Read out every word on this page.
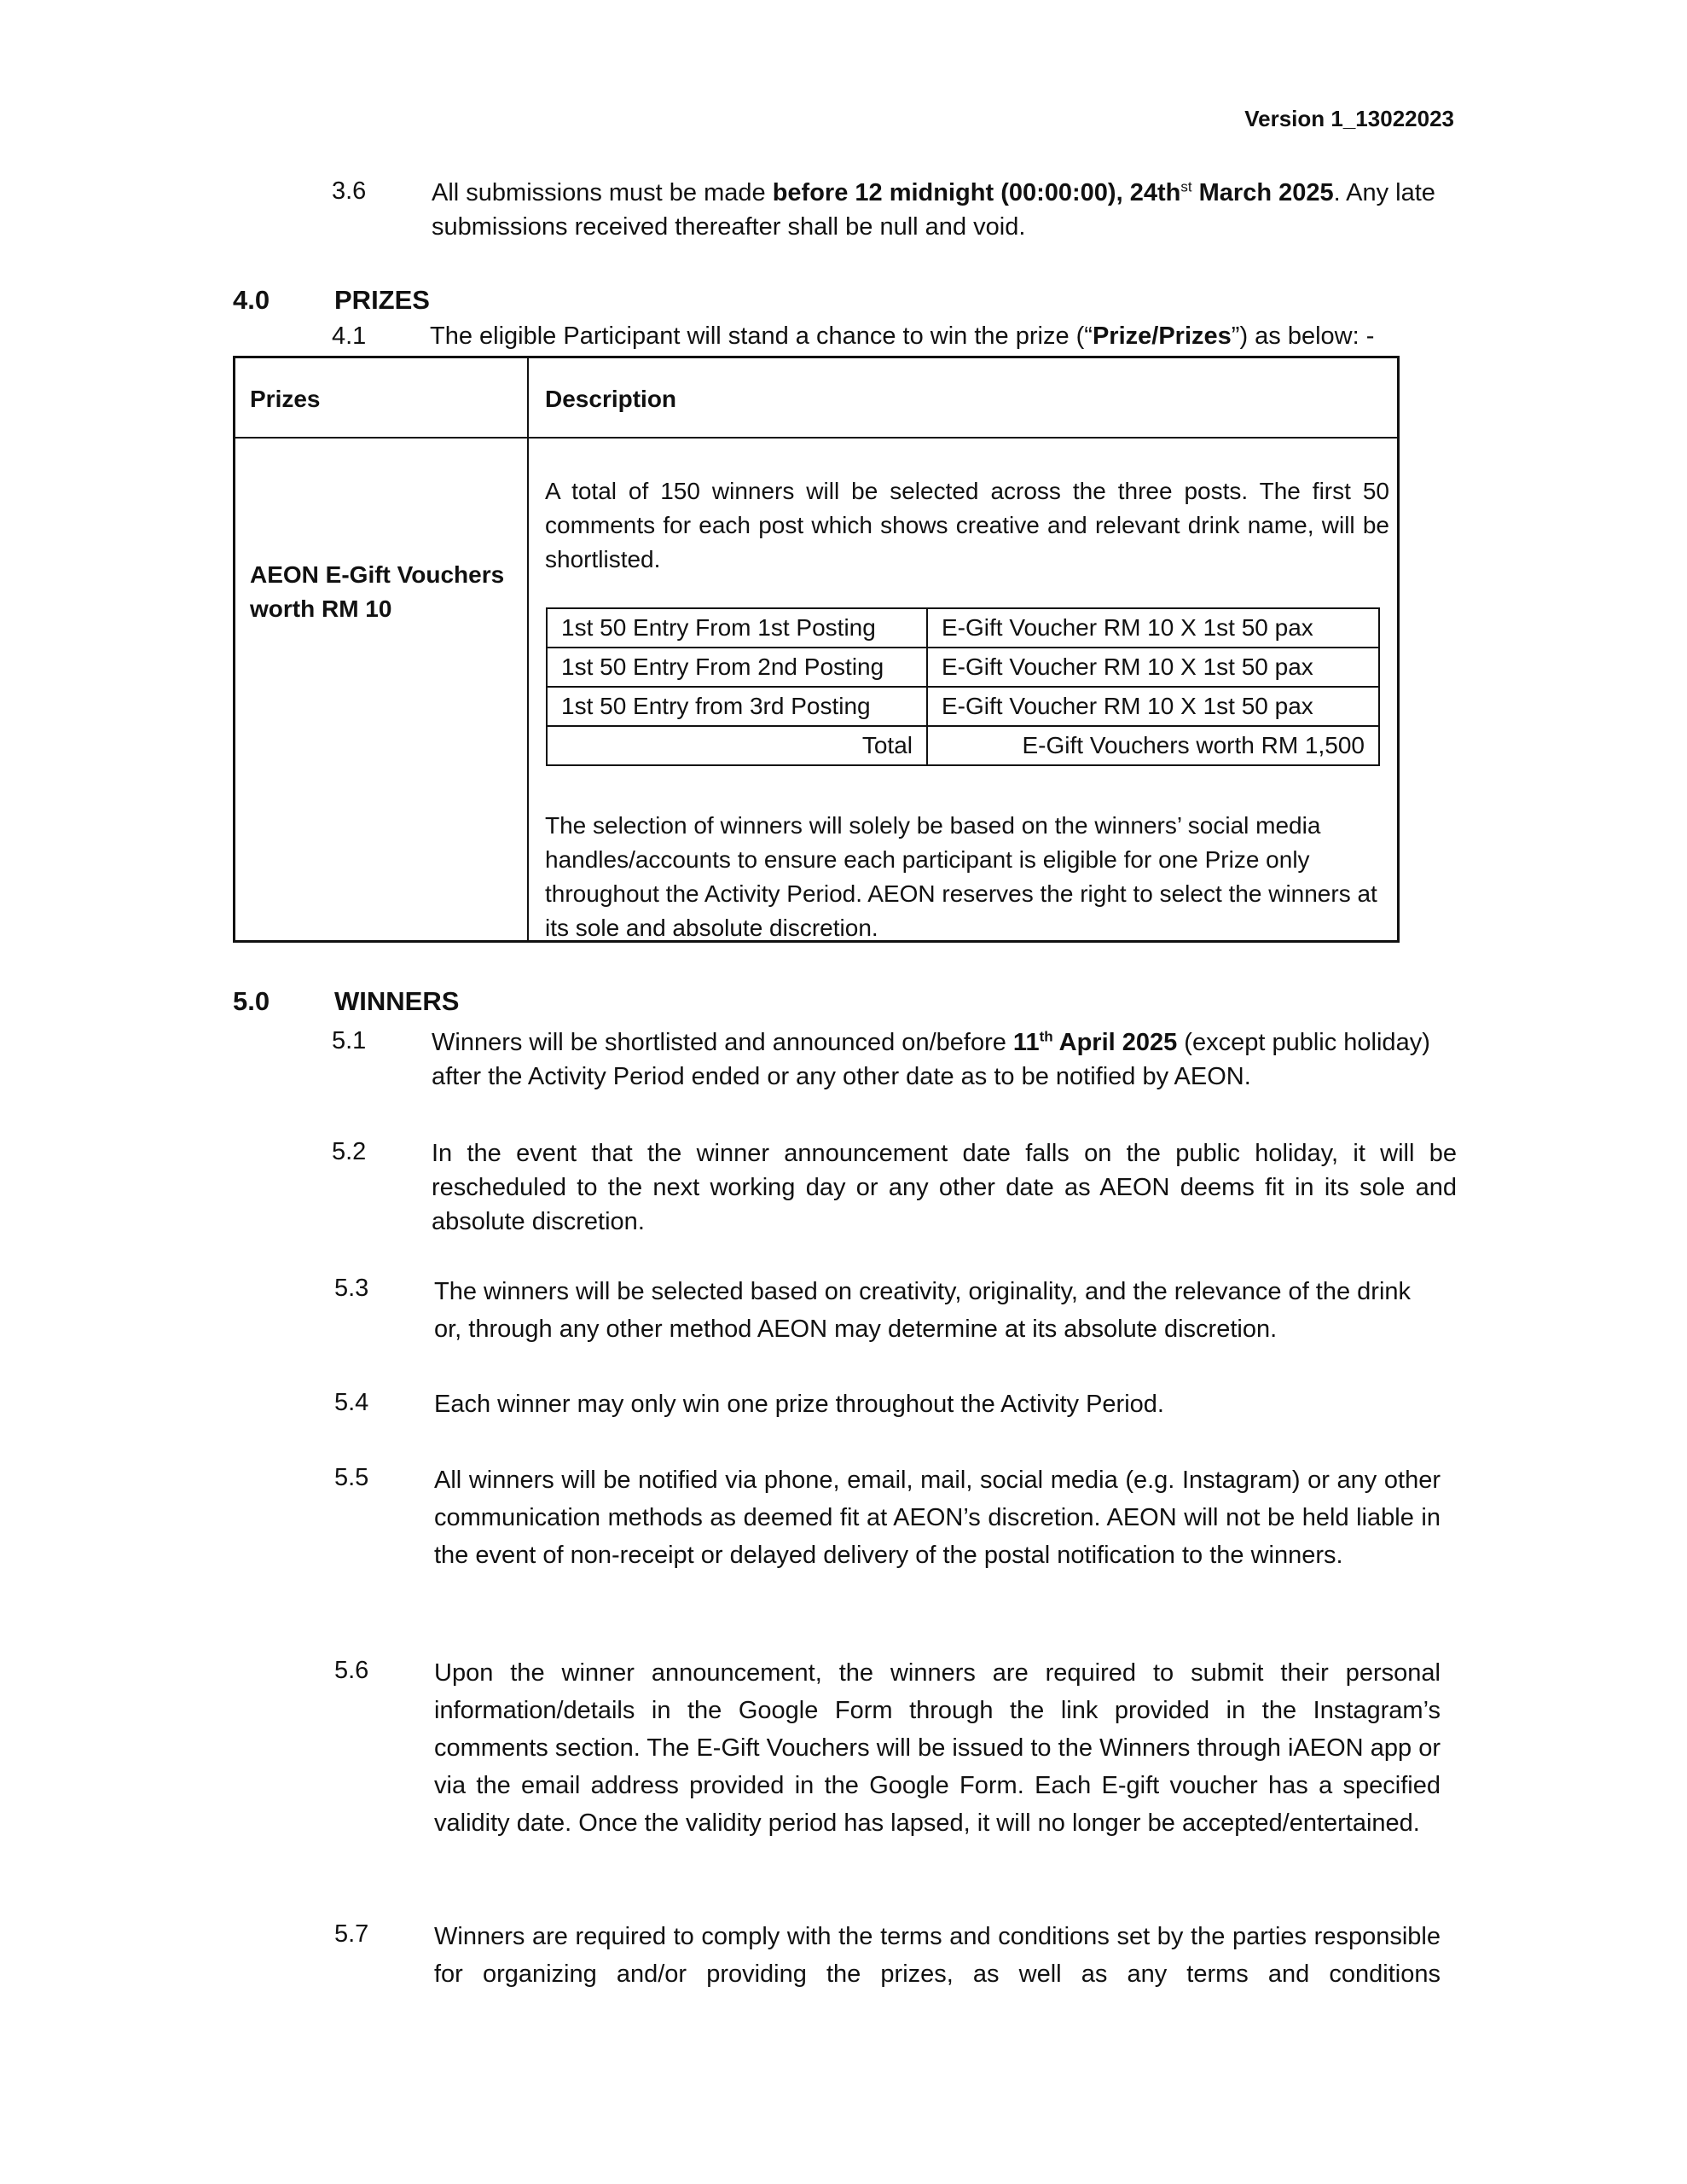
Version 1_13022023
3.6	All submissions must be made before 12 midnight (00:00:00), $24th^{st}$ March 2025. Any late submissions received thereafter shall be null and void.
4.0 PRIZES
4.1	The eligible Participant will stand a chance to win the prize (“Prize/Prizes”) as below: -
Prizes	Description
AEON E-Gift Vouchers worth RM 10
A total of 150 winners will be selected across the three posts. The first 50 comments for each post which shows creative and relevant drink name, will be shortlisted.
1st 50 Entry From 1st Posting	E-Gift Voucher RM 10 X 1st 50 pax
1st 50 Entry From 2nd Posting	E-Gift Voucher RM 10 X 1st 50 pax
1st 50 Entry from 3rd Posting	E-Gift Voucher RM 10 X 1st 50 pax
Total	E-Gift Vouchers worth RM 1,500
The selection of winners will solely be based on the winners’ social media handles/accounts to ensure each participant is eligible for one Prize only throughout the Activity Period. AEON reserves the right to select the winners at its sole and absolute discretion.
5.0 WINNERS
5.1	Winners will be shortlisted and announced on/before 11th April 2025 (except public holiday) after the Activity Period ended or any other date as to be notified by AEON.
5.2	In the event that the winner announcement date falls on the public holiday, it will be rescheduled to the next working day or any other date as AEON deems fit in its sole and absolute discretion.
5.3	The winners will be selected based on creativity, originality, and the relevance of the drink or, through any other method AEON may determine at its absolute discretion.
5.4	Each winner may only win one prize throughout the Activity Period.
5.5	All winners will be notified via phone, email, mail, social media (e.g. Instagram) or any other communication methods as deemed fit at AEON’s discretion. AEON will not be held liable in the event of non-receipt or delayed delivery of the postal notification to the winners.
5.6	Upon the winner announcement, the winners are required to submit their personal information/details in the Google Form through the link provided in the Instagram’s comments section. The E-Gift Vouchers will be issued to the Winners through iAEON app or via the email address provided in the Google Form. Each E-gift voucher has a specified validity date. Once the validity period has lapsed, it will no longer be accepted/entertained.
5.7	Winners are required to comply with the terms and conditions set by the parties responsible for organizing and/or providing the prizes, as well as any terms and conditions
